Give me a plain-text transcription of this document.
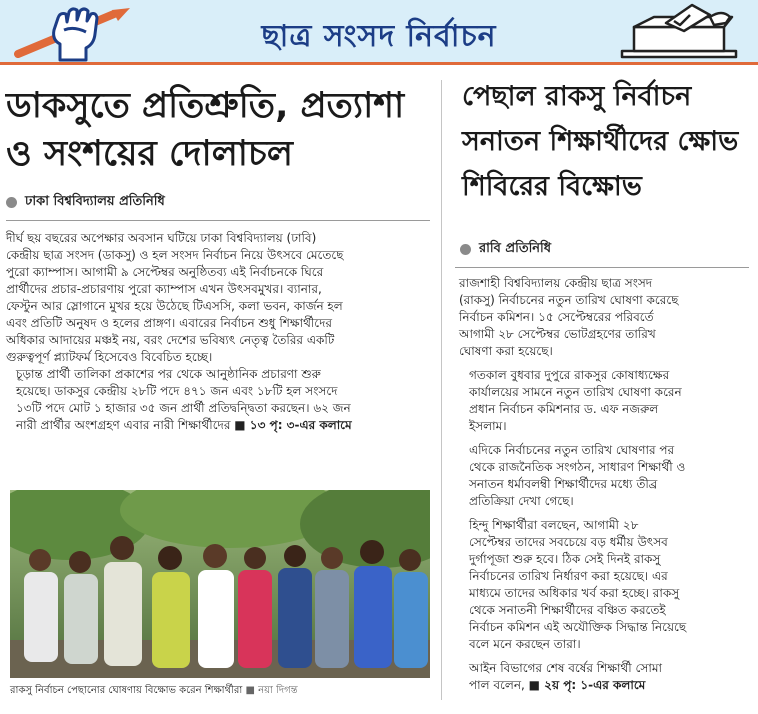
ছাত্র সংসদ নির্বাচন
ডাকসুতে প্রতিশ্রুতি, প্রত্যাশা
ও সংশয়ের দোলাচল
ঢাকা বিশ্ববিদ্যালয় প্রতিনিধি
দীর্ঘ ছয় বছরের অপেক্ষার অবসান ঘটিয়ে ঢাকা বিশ্ববিদ্যালয় (ঢাবি)
কেন্দ্রীয় ছাত্র সংসদ (ডাকসু) ও হল সংসদ নির্বাচন নিয়ে উৎসবে মেতেছে
পুরো ক্যাম্পাস। আগামী ৯ সেপ্টেম্বর অনুষ্ঠিতব্য এই নির্বাচনকে ঘিরে
প্রার্থীদের প্রচার-প্রচারণায় পুরো ক্যাম্পাস এখন উৎসবমুখর। ব্যানার,
ফেস্টুন আর স্লোগানে মুখর হয়ে উঠেছে টিএসসি, কলা ভবন, কার্জন হল
এবং প্রতিটি অনুষদ ও হলের প্রাঙ্গণ। এবারের নির্বাচন শুধু শিক্ষার্থীদের
অধিকার আদায়ের মঞ্চই নয়, বরং দেশের ভবিষ্যৎ নেতৃত্ব তৈরির একটি
গুরুত্বপূর্ণ প্ল্যাটফর্ম হিসেবেও বিবেচিত হচ্ছে।
চূড়ান্ত প্রার্থী তালিকা প্রকাশের পর থেকে আনুষ্ঠানিক প্রচারণা শুরু
হয়েছে। ডাকসুর কেন্দ্রীয় ২৮টি পদে ৪৭১ জন এবং ১৮টি হল সংসদে
১৩টি পদে মোট ১ হাজার ৩৫ জন প্রার্থী প্রতিদ্বন্দ্বিতা করছেন। ৬২ জন
নারী প্রার্থীর অংশগ্রহণ এবার নারী শিক্ষার্থীদের ■ ১৩ পৃ: ৩-এর কলামে
রাকসু নির্বাচন পেছানোর ঘোষণায় বিক্ষোভ করেন শিক্ষার্থীরা ■ নয়া দিগন্ত
পেছাল রাকসু নির্বাচন
সনাতন শিক্ষার্থীদের ক্ষোভ
শিবিরের বিক্ষোভ
রাবি প্রতিনিধি
রাজশাহী বিশ্ববিদ্যালয় কেন্দ্রীয় ছাত্র সংসদ
(রাকসু) নির্বাচনের নতুন তারিখ ঘোষণা করেছে
নির্বাচন কমিশন। ১৫ সেপ্টেম্বরের পরিবর্তে
আগামী ২৮ সেপ্টেম্বর ভোটগ্রহণের তারিখ
ঘোষণা করা হয়েছে।
গতকাল বুধবার দুপুরে রাকসুর কোষাধ্যক্ষের
কার্যালয়ের সামনে নতুন তারিখ ঘোষণা করেন
প্রধান নির্বাচন কমিশনার ড. এফ নজরুল
ইসলাম।
এদিকে নির্বাচনের নতুন তারিখ ঘোষণার পর
থেকে রাজনৈতিক সংগঠন, সাধারণ শিক্ষার্থী ও
সনাতন ধর্মাবলম্বী শিক্ষার্থীদের মধ্যে তীব্র
প্রতিক্রিয়া দেখা গেছে।
হিন্দু শিক্ষার্থীরা বলছেন, আগামী ২৮
সেপ্টেম্বর তাদের সবচেয়ে বড় ধর্মীয় উৎসব
দুর্গাপূজা শুরু হবে। ঠিক সেই দিনই রাকসু
নির্বাচনের তারিখ নির্ধারণ করা হয়েছে। এর
মাধ্যমে তাদের অধিকার খর্ব করা হচ্ছে। রাকসু
থেকে সনাতনী শিক্ষার্থীদের বঞ্চিত করতেই
নির্বাচন কমিশন এই অযৌক্তিক সিদ্ধান্ত নিয়েছে
বলে মনে করছেন তারা।
আইন বিভাগের শেষ বর্ষের শিক্ষার্থী সোমা
পাল বলেন, ■ ২য় পৃ: ১-এর কলামে
